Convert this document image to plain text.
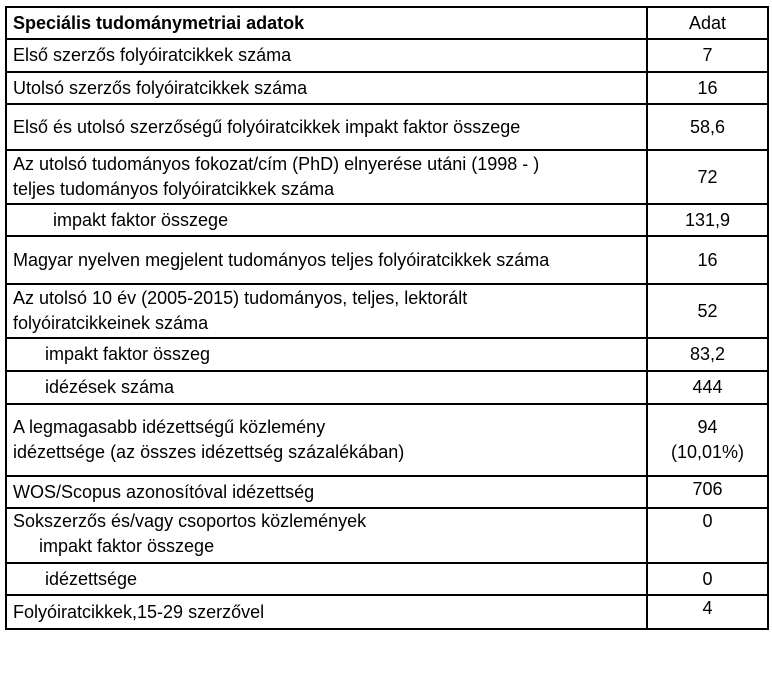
Speciális tudománymetriai adatok	Adat
Első szerzős folyóiratcikkek száma	7
Utolsó szerzős folyóiratcikkek száma	16
Első és utolsó szerzőségű folyóiratcikkek impakt faktor összege	58,6

Az utolsó tudományos fokozat/cím (PhD) elnyerése utáni (1998 - )
teljes tudományos folyóiratcikkek száma	72
impakt faktor összege	131,9
Magyar nyelven megjelent tudományos teljes folyóiratcikkek száma	16

Az utolsó 10 év (2005-2015) tudományos, teljes, lektorált
folyóiratcikkeinek száma	52
impakt faktor összeg	83,2
idézések száma	444

A legmagasabb idézettségű közlemény
idézettsége (az összes idézettség százalékában)	94
(10,01%)

WOS/Scopus azonosítóval idézettség	706

Sokszerzős és/vagy csoportos közlemények
impakt faktor összege	0
idézettsége	0
Folyóiratcikkek,15-29 szerzővel	4
